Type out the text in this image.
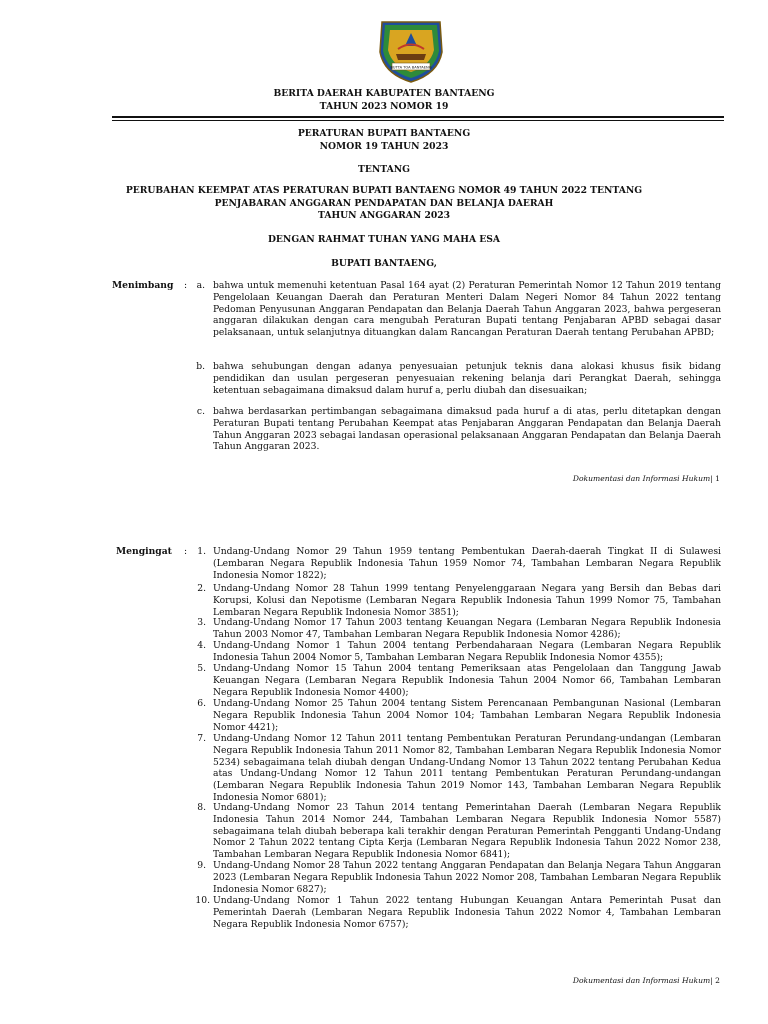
BUTTA TOA BANTAENG
BERITA DAERAH KABUPATEN BANTAENG
TAHUN 2023 NOMOR 19
PERATURAN BUPATI BANTAENG
NOMOR 19 TAHUN 2023
TENTANG
PERUBAHAN KEEMPAT ATAS PERATURAN BUPATI BANTAENG NOMOR 49 TAHUN 2022 TENTANG
PENJABARAN ANGGARAN PENDAPATAN DAN BELANJA DAERAH
TAHUN ANGGARAN 2023
DENGAN RAHMAT TUHAN YANG MAHA ESA
BUPATI BANTAENG,
Menimbang :	a. bahwa untuk memenuhi ketentuan Pasal 164 ayat (2) Peraturan Pemerintah Nomor 12 Tahun 2019 tentang Pengelolaan Keuangan Daerah dan Peraturan Menteri Dalam Negeri Nomor 84 Tahun 2022 tentang Pedoman Penyusunan Anggaran Pendapatan dan Belanja Daerah Tahun Anggaran 2023, bahwa pergeseran anggaran dilakukan dengan cara mengubah Peraturan Bupati tentang Penjabaran APBD sebagai dasar pelaksanaan, untuk selanjutnya dituangkan dalam Rancangan Peraturan Daerah tentang Perubahan APBD;
b. bahwa sehubungan dengan adanya penyesuaian petunjuk teknis dana alokasi khusus fisik bidang pendidikan dan usulan pergeseran penyesuaian rekening belanja dari Perangkat Daerah, sehingga ketentuan sebagaimana dimaksud dalam huruf a, perlu diubah dan disesuaikan;
c. bahwa berdasarkan pertimbangan sebagaimana dimaksud pada huruf a di atas, perlu ditetapkan dengan Peraturan Bupati tentang Perubahan Keempat atas Penjabaran Anggaran Pendapatan dan Belanja Daerah Tahun Anggaran 2023 sebagai landasan operasional pelaksanaan Anggaran Pendapatan dan Belanja Daerah Tahun Anggaran 2023.
Dokumentasi dan Informasi Hukum| 1
Mengingat :	1. Undang-Undang Nomor 29 Tahun 1959 tentang Pembentukan Daerah-daerah Tingkat II di Sulawesi (Lembaran Negara Republik Indonesia Tahun 1959 Nomor 74, Tambahan Lembaran Negara Republik Indonesia Nomor 1822);
2. Undang-Undang Nomor 28 Tahun 1999 tentang Penyelenggaraan Negara yang Bersih dan Bebas dari Korupsi, Kolusi dan Nepotisme (Lembaran Negara Republik Indonesia Tahun 1999 Nomor 75, Tambahan Lembaran Negara Republik Indonesia Nomor 3851);
3. Undang-Undang Nomor 17 Tahun 2003 tentang Keuangan Negara (Lembaran Negara Republik Indonesia Tahun 2003 Nomor 47, Tambahan Lembaran Negara Republik Indonesia Nomor 4286);
4. Undang-Undang Nomor 1 Tahun 2004 tentang Perbendaharaan Negara (Lembaran Negara Republik Indonesia Tahun 2004 Nomor 5, Tambahan Lembaran Negara Republik Indonesia Nomor 4355);
5. Undang-Undang Nomor 15 Tahun 2004 tentang Pemeriksaan atas Pengelolaan dan Tanggung Jawab Keuangan Negara (Lembaran Negara Republik Indonesia Tahun 2004 Nomor 66, Tambahan Lembaran Negara Republik Indonesia Nomor 4400);
6. Undang-Undang Nomor 25 Tahun 2004 tentang Sistem Perencanaan Pembangunan Nasional (Lembaran Negara Republik Indonesia Tahun 2004 Nomor 104; Tambahan Lembaran Negara Republik Indonesia Nomor 4421);
7. Undang-Undang Nomor 12 Tahun 2011 tentang Pembentukan Peraturan Perundang-undangan (Lembaran Negara Republik Indonesia Tahun 2011 Nomor 82, Tambahan Lembaran Negara Republik Indonesia Nomor 5234) sebagaimana telah diubah dengan Undang-Undang Nomor 13 Tahun 2022 tentang Perubahan Kedua atas Undang-Undang Nomor 12 Tahun 2011 tentang Pembentukan Peraturan Perundang-undangan (Lembaran Negara Republik Indonesia Tahun 2019 Nomor 143, Tambahan Lembaran Negara Republik Indonesia Nomor 6801);
8. Undang-Undang Nomor 23 Tahun 2014 tentang Pemerintahan Daerah (Lembaran Negara Republik Indonesia Tahun 2014 Nomor 244, Tambahan Lembaran Negara Republik Indonesia Nomor 5587) sebagaimana telah diubah beberapa kali terakhir dengan Peraturan Pemerintah Pengganti Undang-Undang Nomor 2 Tahun 2022 tentang Cipta Kerja (Lembaran Negara Republik Indonesia Tahun 2022 Nomor 238, Tambahan Lembaran Negara Republik Indonesia Nomor 6841);
9. Undang-Undang Nomor 28 Tahun 2022 tentang Anggaran Pendapatan dan Belanja Negara Tahun Anggaran 2023 (Lembaran Negara Republik Indonesia Tahun 2022 Nomor 208, Tambahan Lembaran Negara Republik Indonesia Nomor 6827);
10. Undang-Undang Nomor 1 Tahun 2022 tentang Hubungan Keuangan Antara Pemerintah Pusat dan Pemerintah Daerah (Lembaran Negara Republik Indonesia Tahun 2022 Nomor 4, Tambahan Lembaran Negara Republik Indonesia Nomor 6757);
Dokumentasi dan Informasi Hukum| 2
